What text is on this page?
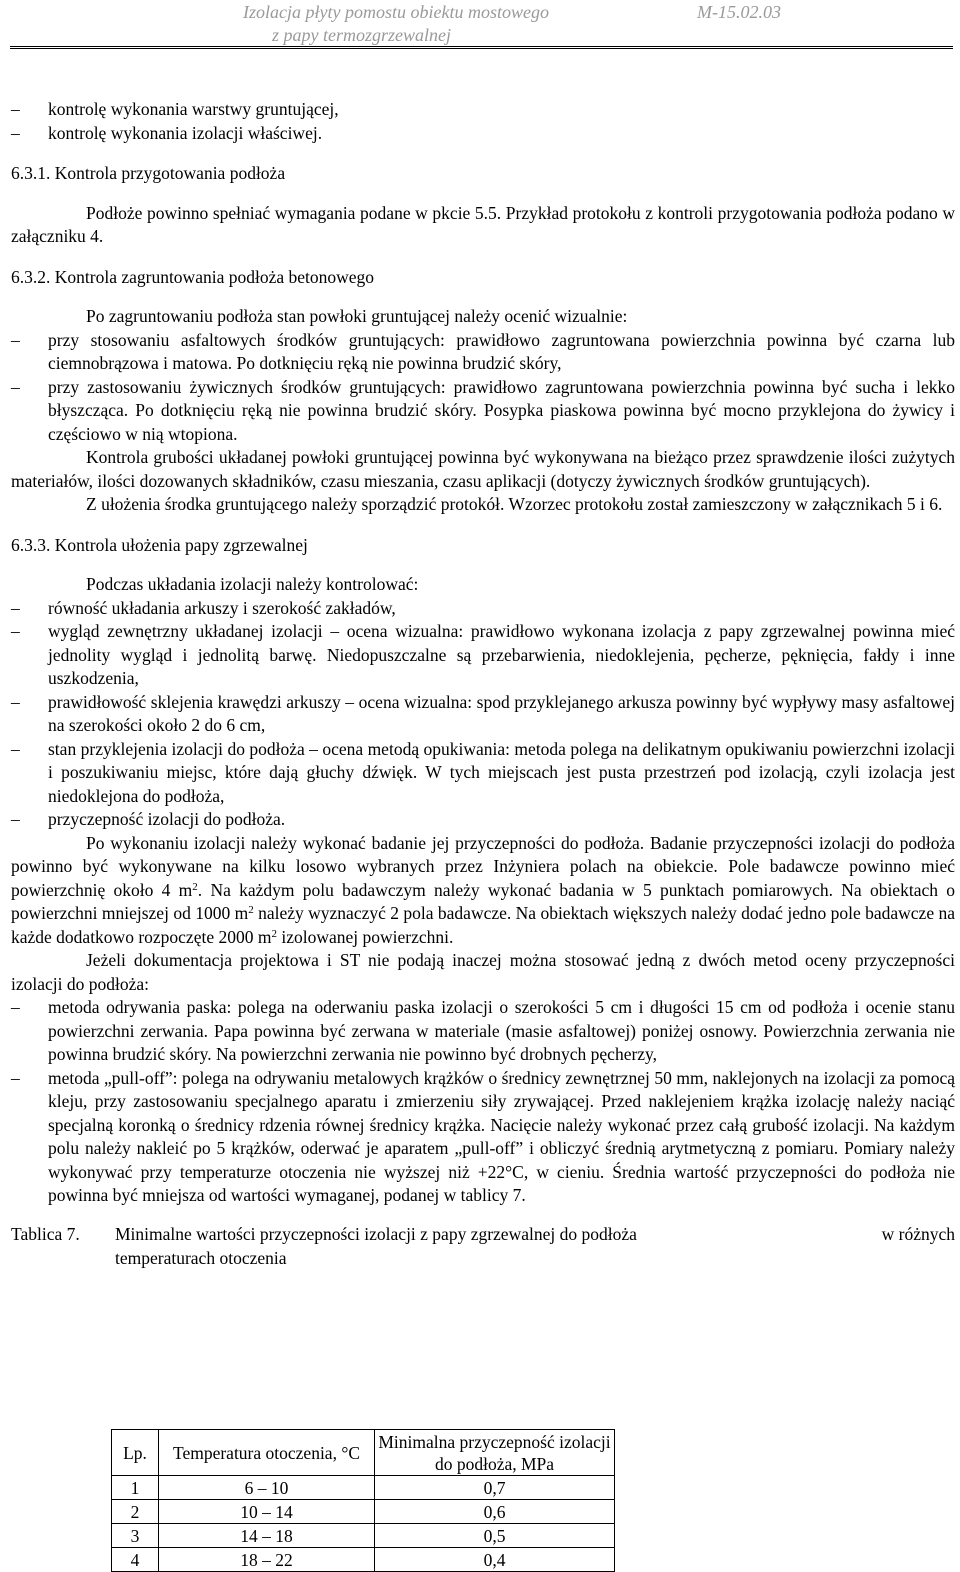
Izolacja płyty pomostu obiektu mostowego
z papy termozgrzewalnej
M-15.02.03
– kontrolę wykonania warstwy gruntującej,
– kontrolę wykonania izolacji właściwej.
6.3.1. Kontrola przygotowania podłoża
Podłoże powinno spełniać wymagania podane w pkcie 5.5. Przykład protokołu z kontroli przygotowania podłoża podano w załączniku 4.
6.3.2. Kontrola zagruntowania podłoża betonowego
Po zagruntowaniu podłoża stan powłoki gruntującej należy ocenić wizualnie:
– przy stosowaniu asfaltowych środków gruntujących: prawidłowo zagruntowana powierzchnia powinna być czarna lub ciemnobrązowa i matowa. Po dotknięciu ręką nie powinna brudzić skóry,
– przy zastosowaniu żywicznych środków gruntujących: prawidłowo zagruntowana powierzchnia powinna być sucha i lekko błyszcząca. Po dotknięciu ręką nie powinna brudzić skóry. Posypka piaskowa powinna być mocno przyklejona do żywicy i częściowo w nią wtopiona.
Kontrola grubości układanej powłoki gruntującej powinna być wykonywana na bieżąco przez sprawdzenie ilości zużytych materiałów, ilości dozowanych składników, czasu mieszania, czasu aplikacji (dotyczy żywicznych środków gruntujących).
Z ułożenia środka gruntującego należy sporządzić protokół. Wzorzec protokołu został zamieszczony w załącznikach 5 i 6.
6.3.3. Kontrola ułożenia papy zgrzewalnej
Podczas układania izolacji należy kontrolować:
– równość układania arkuszy i szerokość zakładów,
– wygląd zewnętrzny układanej izolacji – ocena wizualna: prawidłowo wykonana izolacja z papy zgrzewalnej powinna mieć jednolity wygląd i jednolitą barwę. Niedopuszczalne są przebarwienia, niedoklejenia, pęcherze, pęknięcia, fałdy i inne uszkodzenia,
– prawidłowość sklejenia krawędzi arkuszy – ocena wizualna: spod przyklejanego arkusza powinny być wypływy masy asfaltowej na szerokości około 2 do 6 cm,
– stan przyklejenia izolacji do podłoża – ocena metodą opukiwania: metoda polega na delikatnym opukiwaniu powierzchni izolacji i poszukiwaniu miejsc, które dają głuchy dźwięk. W tych miejscach jest pusta przestrzeń pod izolacją, czyli izolacja jest niedoklejona do podłoża,
– przyczepność izolacji do podłoża.
Po wykonaniu izolacji należy wykonać badanie jej przyczepności do podłoża. Badanie przyczepności izolacji do podłoża powinno być wykonywane na kilku losowo wybranych przez Inżyniera polach na obiekcie. Pole badawcze powinno mieć powierzchnię około 4 $m^2$. Na każdym polu badawczym należy wykonać badania w 5 punktach pomiarowych. Na obiektach o powierzchni mniejszej od 1000 $m^2$ należy wyznaczyć 2 pola badawcze. Na obiektach większych należy dodać jedno pole badawcze na każde dodatkowo rozpoczęte 2000 $m^2$ izolowanej powierzchni.
Jeżeli dokumentacja projektowa i ST nie podają inaczej można stosować jedną z dwóch metod oceny przyczepności izolacji do podłoża:
– metoda odrywania paska: polega na oderwaniu paska izolacji o szerokości 5 cm i długości 15 cm od podłoża i ocenie stanu powierzchni zerwania. Papa powinna być zerwana w materiale (masie asfaltowej) poniżej osnowy. Powierzchnia zerwania nie powinna brudzić skóry. Na powierzchni zerwania nie powinno być drobnych pęcherzy,
– metoda „pull-off”: polega na odrywaniu metalowych krążków o średnicy zewnętrznej 50 mm, naklejonych na izolacji za pomocą kleju, przy zastosowaniu specjalnego aparatu i zmierzeniu siły zrywającej. Przed naklejeniem krążka izolację należy naciąć specjalną koronką o średnicy rdzenia równej średnicy krążka. Nacięcie należy wykonać przez całą grubość izolacji. Na każdym polu należy nakleić po 5 krążków, oderwać je aparatem „pull-off” i obliczyć średnią arytmetyczną z pomiaru. Pomiary należy wykonywać przy temperaturze otoczenia nie wyższej niż +22°C, w cieniu. Średnia wartość przyczepności do podłoża nie powinna być mniejsza od wartości wymaganej, podanej w tablicy 7.
Tablica 7. Minimalne wartości przyczepności izolacji z papy zgrzewalnej do podłoża	w różnych
temperaturach otoczenia
Lp.	Temperatura otoczenia, °C	Minimalna przyczepność izolacji do podłoża, MPa
1	6 – 10	0,7
2	10 – 14	0,6
3	14 – 18	0,5
4	18 – 22	0,4
